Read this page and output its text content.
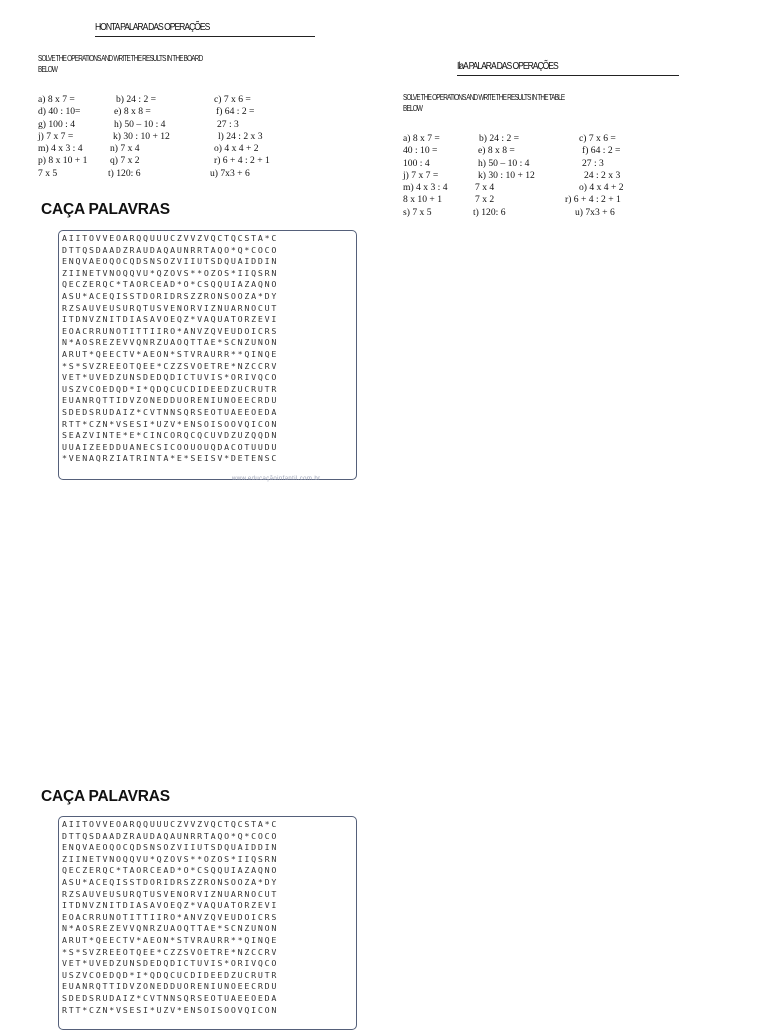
HONTA PALARA DAS OPERAÇÕES
SOLVE THE OPERATIONS AND WRITE THE RESULTS IN THE BOARD
BELOW
a) 8 x 7 =	b) 24 : 2 =	c) 7 x 6 =
d) 40 : 10=	e) 8 x 8 =	f) 64 : 2 =
g) 100 : 4	h) 50 – 10 : 4	27 : 3
j) 7 x 7 =	k) 30 : 10 + 12	l) 24 : 2 x 3
m) 4 x 3 : 4	n) 7 x 4	o) 4 x 4 + 2
p) 8 x 10 + 1 q) 7 x 2	r) 6 + 4 : 2 + 1
7 x 5	t) 120: 6	u) 7x3 + 6
IlaA PALARA DAS OPERAÇÕES
SOLVE THE OPERATIONS AND WRITE THE RESULTS IN THE TABLE
BELOW
a) 8 x 7 =	b) 24 : 2 =	c) 7 x 6 =
40 : 10 =	e) 8 x 8 =	f) 64 : 2 =
100 : 4	h) 50 – 10 : 4	27 : 3
j) 7 x 7 =	k) 30 : 10 + 12	24 : 2 x 3
m) 4 x 3 : 4	7 x 4	o) 4 x 4 + 2
8 x 10 + 1	7 x 2	r) 6 + 4 : 2 + 1
s) 7 x 5	t) 120: 6	u) 7x3 + 6
CAÇA PALAVRAS
AIITOVVEOARQQUUUCZVVZVQCTQCSTA*C
DTTQSDAADZRAUDAQAUNRRTAQO*Q*COCO
ENQVAEOQOCQDSNSOZVIIUTSDQUAIDDIN
ZIINETVNOQQVU*QZOVS**OZOS*IIQSRN
QECZERQC*TAORCEAD*O*CSQQUIAZAQNO
ASU*ACEQISSTDORIDRSZZRONSOOZA*DY
RZSAUVEUSURQTUSVENORVIZNUARNOCUT
ITDNVZNITDIASAVOEQZ*VAQUATORZEVI
EOACRRUNOTITTIIRO*ANVZQVEUDOICRS
N*AOSREZEVVQNRZUAOQTTAE*SCNZUNON
ARUT*QEECTV*AEON*STVRAURR**QINQE
*S*SVZREEOTQEE*CZZSVOETRE*NZCCRV
VET*UVEDZUNSDEDQDICTUVIS*ORIVQCO
USZVCOEDQD*I*QDQCUCDIDEEDZUCRUTR
EUANRQTTIDVZONEDDUORENIUNOEECRDU
SDEDSRUDAIZ*CVTNNSQRSEOTUAEEOEDA
RTT*CZN*VSESI*UZV*ENSOISOOVQICON
SEAZVINTE*E*CINCORQCQCUVDZUZQQDN
UUAIZEEDDUANECSICOOUOUQDACOTUUDU
*VENAQRZIATRINTA*E*SEISV*DETENSC
www.educaçãoinfantil.com.br
CAÇA PALAVRAS
AIITOVVEOARQQUUUCZVVZVQCTQCSTA*C
DTTQSDAADZRAUDAQAUNRRTAQO*Q*COCO
ENQVAEOQOCQDSNSOZVIIUTSDQUAIDDIN
ZIINETVNOQQVU*QZOVS**OZOS*IIQSRN
QECZERQC*TAORCEAD*O*CSQQUIAZAQNO
ASU*ACEQISSTDORIDRSZZRONSOOZA*DY
RZSAUVEUSURQTUSVENORVIZNUARNOCUT
ITDNVZNITDIASAVOEQZ*VAQUATORZEVI
EOACRRUNOTITTIIRO*ANVZQVEUDOICRS
N*AOSREZEVVQNRZUAOQTTAE*SCNZUNON
ARUT*QEECTV*AEON*STVRAURR**QINQE
*S*SVZREEOTQEE*CZZSVOETRE*NZCCRV
VET*UVEDZUNSDEDQDICTUVIS*ORIVQCO
USZVCOEDQD*I*QDQCUCDIDEEDZUCRUTR
EUANRQTTIDVZONEDDUORENIUNOEECRDU
SDEDSRUDAIZ*CVTNNSQRSEOTUAEEOEDA
RTT*CZN*VSESI*UZV*ENSOISOOVQICON
